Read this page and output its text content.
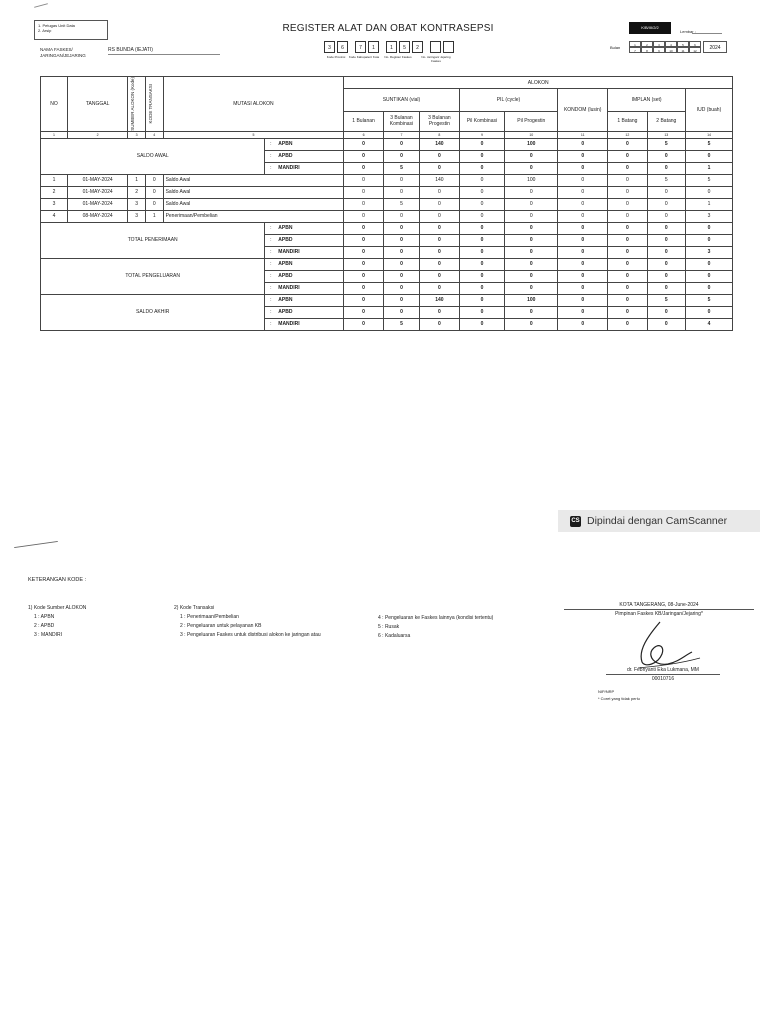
1. Petugas Unit Data
2. Arsip	REGISTER ALAT DAN OBAT KONTRASEPSI	K/B/III/2/2
Lembar :
NAMA FASKES/
JARINGAN/JEJARING
RS BUNDA (IEJATI)	3	6	7	1	1	5	2
Kode Provinsi	Kode Kabupaten/ Kota	No. Register Faskes	No. Jaringan/ Jejaring Faskes
Bulan	1	2	3	4	5	6
7	8	9	10	11	12	2024
NO	TANGGAL	SUMBER ALOKON (Kode)	KODE TRANSAKSI	MUTASI ALOKON			ALOKON								
							SUNTIKAN (vial)			PIL (cycle)		KONDOM (lusin)	IMPLAN (set)		IUD (buah)
							1 Bulanan	3 Bulanan Kombinasi	3 Bulanan Progestin	Pil Kombinasi	Pil Progestin		1 Batang	2 Batang	
1	2	3	4	5			6	7	8	9	10	11	12	13	14
SALDO AWAL					:	APBN	0	0	140	0	100	0	0	5	5
					:	APBD	0	0	0	0	0	0	0	0	0
					:	MANDIRI	0	5	0	0	0	0	0	0	1
1	01-MAY-2024	1	0	Saldo Awal			0	0	140	0	100	0	0	5	5
2	01-MAY-2024	2	0	Saldo Awal			0	0	0	0	0	0	0	0	0
3	01-MAY-2024	3	0	Saldo Awal			0	5	0	0	0	0	0	0	1
4	08-MAY-2024	3	1	Penerimaan/Pembelian			0	0	0	0	0	0	0	0	3
TOTAL PENERIMAAN					:	APBN	0	0	0	0	0	0	0	0	0
					:	APBD	0	0	0	0	0	0	0	0	0
					:	MANDIRI	0	0	0	0	0	0	0	0	3
TOTAL PENGELUARAN					:	APBN	0	0	0	0	0	0	0	0	0
					:	APBD	0	0	0	0	0	0	0	0	0
					:	MANDIRI	0	0	0	0	0	0	0	0	0
SALDO AKHIR					:	APBN	0	0	140	0	100	0	0	5	5
					:	APBD	0	0	0	0	0	0	0	0	0
					:	MANDIRI	0	5	0	0	0	0	0	0	4
CS Dipindai dengan CamScanner
KETERANGAN KODE :
1) Kode Sumber ALOKON
1 : APBN
2 : APBD
3 : MANDIRI
2) Kode Transaksi
1 : Penerimaan/Pembelian
2 : Pengeluaran untuk pelayanan KB
3 : Pengeluaran Faskes untuk distribusi alokon ke jaringan atau
4 : Pengeluaran ke Faskes lainnya (kondisi tertentu)
5 : Rusak
6 : Kadaluarsa
KOTA TANGERANG, 08-June-2024
Pimpinan Faskes KB/Jaringan/Jejaring*
dr. Febriyanti Eka Lukmana, MM
00010716
NIP/NRP
* Coret yang tidak perlu
